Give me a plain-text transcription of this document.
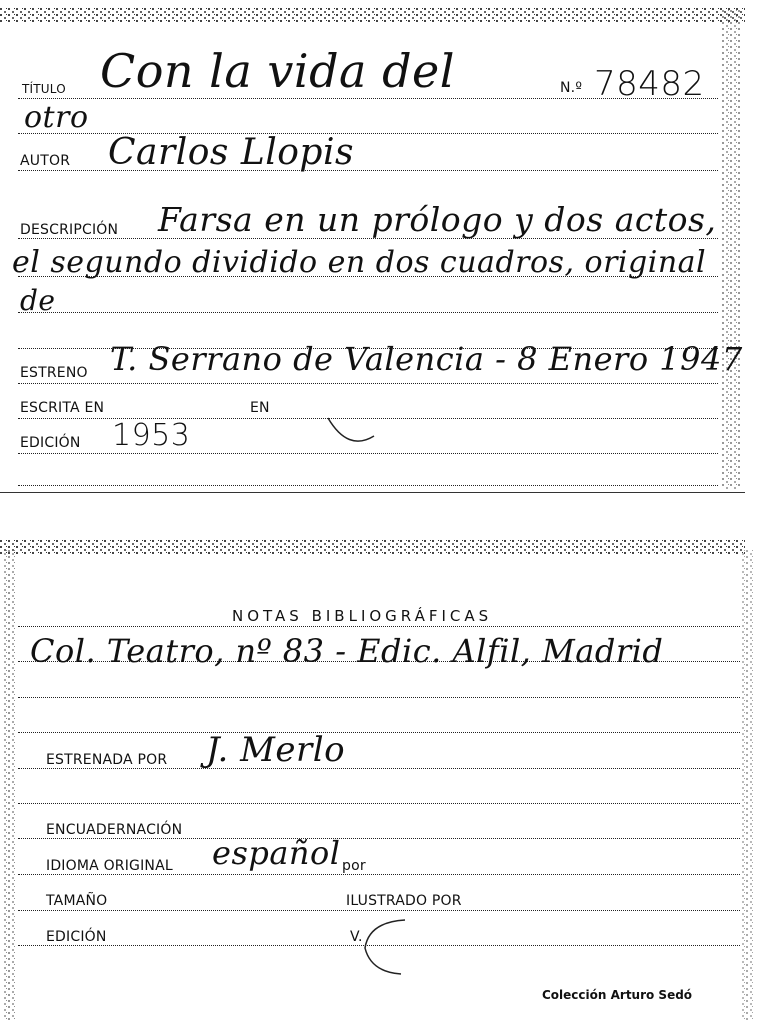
TÍTULO Con la vida del	N.º 78482
otro
AUTOR Carlos Llopis
DESCRIPCIÓN Farsa en un prólogo y dos actos,
el segundo dividido en dos cuadros, original
de
ESTRENO T. Serrano de Valencia - 8 Enero 1947
ESCRITA EN	EN
EDICIÓN 1953
NOTAS BIBLIOGRÁFICAS
Col. Teatro, nº 83 - Edic. Alfil, Madrid
ESTRENADA POR J. Merlo
ENCUADERNACIÓN
IDIOMA ORIGINAL español por
TAMAÑO	ILUSTRADO POR
EDICIÓN	V.
Colección Arturo Sedó
